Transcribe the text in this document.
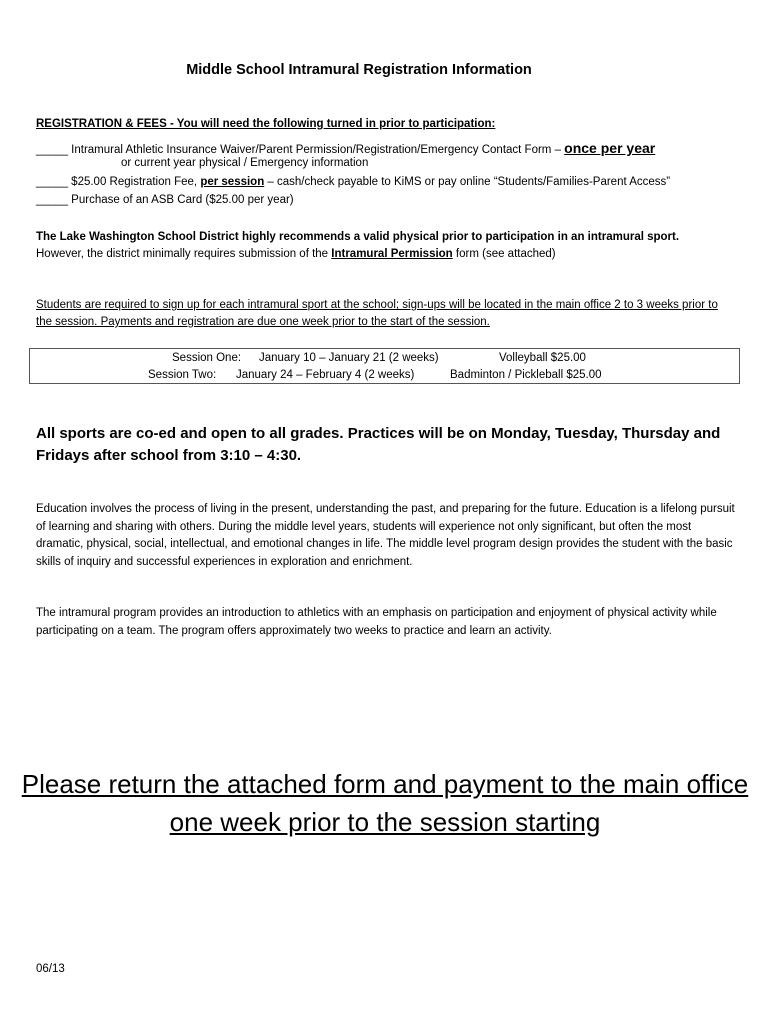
Middle School Intramural Registration Information
REGISTRATION & FEES - You will need the following turned in prior to participation:
_____ Intramural Athletic Insurance Waiver/Parent Permission/Registration/Emergency Contact Form – once per year
or current year physical / Emergency information
_____ $25.00 Registration Fee, per session – cash/check payable to KiMS or pay online “Students/Families-Parent Access”
_____ Purchase of an ASB Card ($25.00 per year)
The Lake Washington School District highly recommends a valid physical prior to participation in an intramural sport.
However, the district minimally requires submission of the Intramural Permission form (see attached)
Students are required to sign up for each intramural sport at the school; sign-ups will be located in the main office 2 to 3 weeks prior to the session. Payments and registration are due one week prior to the start of the session.
Session One: January 10 – January 21 (2 weeks)	Volleyball $25.00
Session Two: January 24 – February 4 (2 weeks)	Badminton / Pickleball $25.00
All sports are co-ed and open to all grades. Practices will be on Monday, Tuesday, Thursday and Fridays after school from 3:10 – 4:30.
Education involves the process of living in the present, understanding the past, and preparing for the future. Education is a lifelong pursuit of learning and sharing with others. During the middle level years, students will experience not only significant, but often the most dramatic, physical, social, intellectual, and emotional changes in life. The middle level program design provides the student with the basic skills of inquiry and successful experiences in exploration and enrichment.
The intramural program provides an introduction to athletics with an emphasis on participation and enjoyment of physical activity while participating on a team. The program offers approximately two weeks to practice and learn an activity.
Please return the attached form and payment to the main office one week prior to the session starting
06/13
